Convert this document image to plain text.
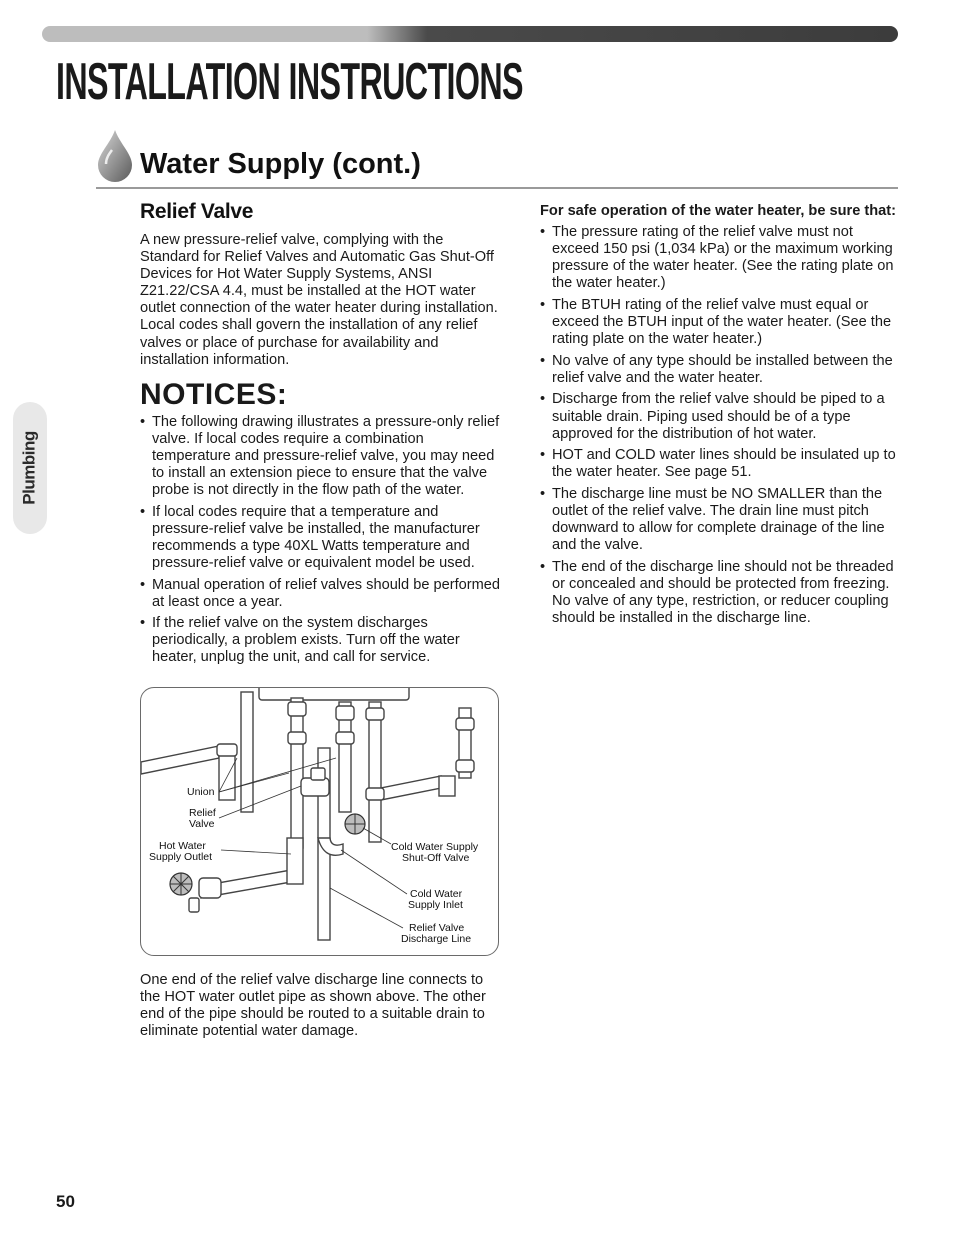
INSTALLATION INSTRUCTIONS
Water Supply (cont.)
Plumbing
Relief Valve

A new pressure-relief valve, complying with the Standard for Relief Valves and Automatic Gas Shut-Off Devices for Hot Water Supply Systems, ANSI Z21.22/CSA 4.4, must be installed at the HOT water outlet connection of the water heater during installation. Local codes shall govern the installation of any relief valves or place of purchase for availability and installation information.

NOTICES:
• The following drawing illustrates a pressure-only relief valve. If local codes require a combination temperature and pressure-relief valve, you may need to install an extension piece to ensure that the valve probe is not directly in the flow path of the water.
• If local codes require that a temperature and pressure-relief valve be installed, the manufacturer recommends a type 40XL Watts temperature and pressure-relief valve or equivalent model be used.
• Manual operation of relief valves should be performed at least once a year.
• If the relief valve on the system discharges periodically, a problem exists. Turn off the water heater, unplug the unit, and call for service.
Union
Relief
Valve
Hot Water
Supply Outlet
Cold Water Supply
Shut-Off Valve
Cold Water
Supply Inlet
Relief Valve
Discharge Line
One end of the relief valve discharge line connects to the HOT water outlet pipe as shown above. The other end of the pipe should be routed to a suitable drain to eliminate potential water damage.
For safe operation of the water heater, be sure that:
• The pressure rating of the relief valve must not exceed 150 psi (1,034 kPa) or the maximum working pressure of the water heater. (See the rating plate on the water heater.)
• The BTUH rating of the relief valve must equal or exceed the BTUH input of the water heater. (See the rating plate on the water heater.)
• No valve of any type should be installed between the relief valve and the water heater.
• Discharge from the relief valve should be piped to a suitable drain. Piping used should be of a type approved for the distribution of hot water.
• HOT and COLD water lines should be insulated up to the water heater. See page 51.
• The discharge line must be NO SMALLER than the outlet of the relief valve. The drain line must pitch downward to allow for complete drainage of the line and the valve.
• The end of the discharge line should not be threaded or concealed and should be protected from freezing. No valve of any type, restriction, or reducer coupling should be installed in the discharge line.
50
